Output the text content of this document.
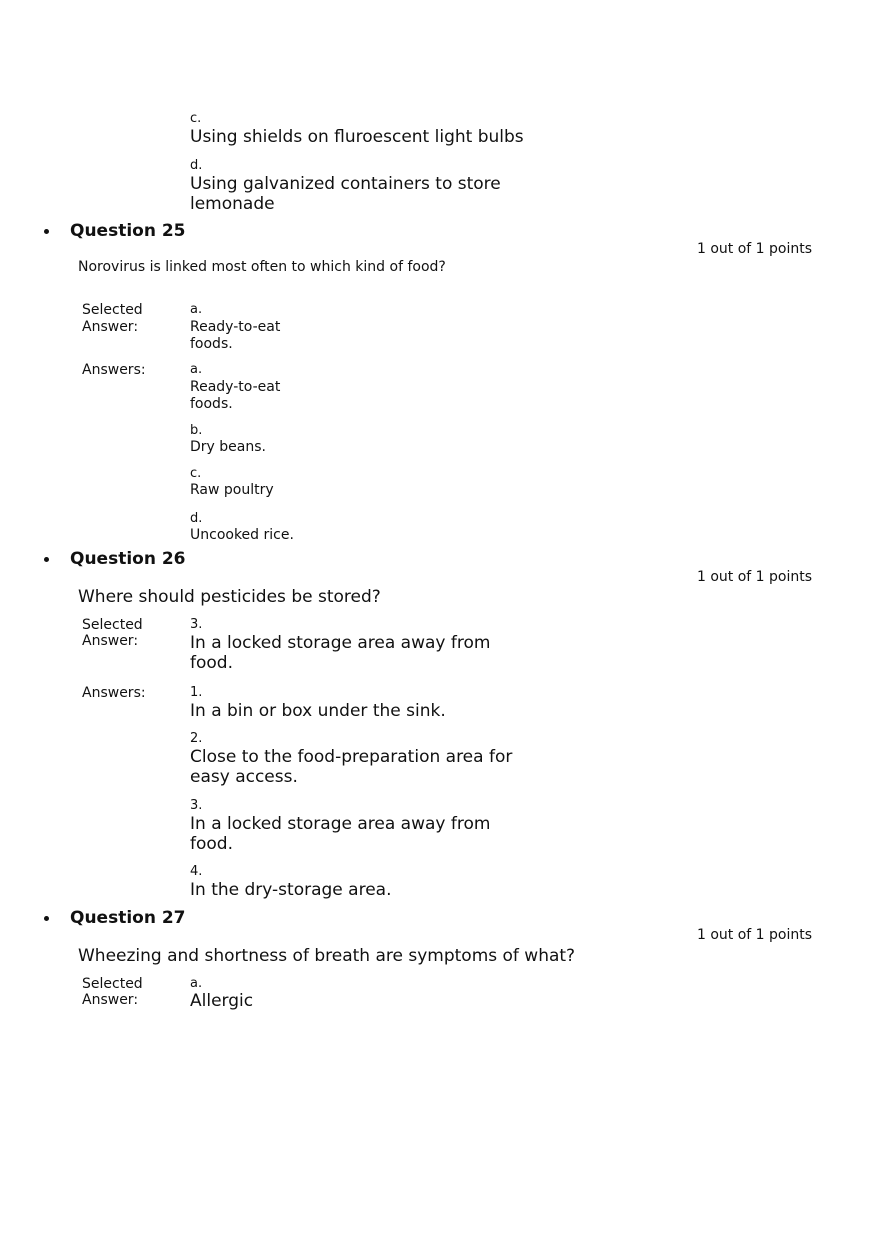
c.
Using shields on fluroescent light bulbs
d.
Using galvanized containers to store
lemonade
Question 25
1 out of 1 points
Norovirus is linked most often to which kind of food?
Selected
Answer:
a.
Ready-to-eat
foods.
Answers:	a.
Ready-to-eat
foods.
b.
Dry beans.
c.
Raw poultry
d.
Uncooked rice.
Question 26
1 out of 1 points
Where should pesticides be stored?
Selected
Answer:
3.
In a locked storage area away from
food.
Answers:	1.
In a bin or box under the sink.
2.
Close to the food-preparation area for
easy access.
3.
In a locked storage area away from
food.
4.
In the dry-storage area.
Question 27
1 out of 1 points
Wheezing and shortness of breath are symptoms of what?
Selected
Answer:
a.
Allergic
